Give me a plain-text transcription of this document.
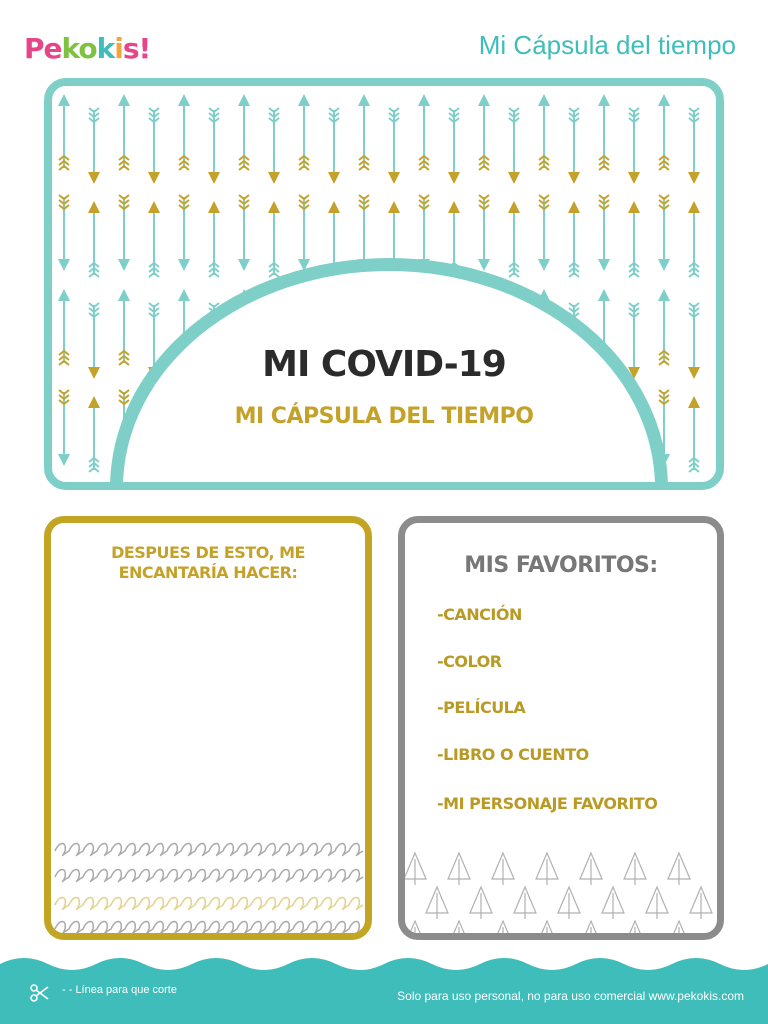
Pekokis!	Mi Cápsula del tiempo
MI COVID-19
MI CÁPSULA DEL TIEMPO
DESPUES DE ESTO, ME
ENCANTARÍA HACER:	MIS FAVORITOS:
-CANCIÓN
-COLOR
-PELÍCULA
-LIBRO O CUENTO
-MI PERSONAJE FAVORITO
- - Línea para que corte	Solo para uso personal, no para uso comercial www.pekokis.com
